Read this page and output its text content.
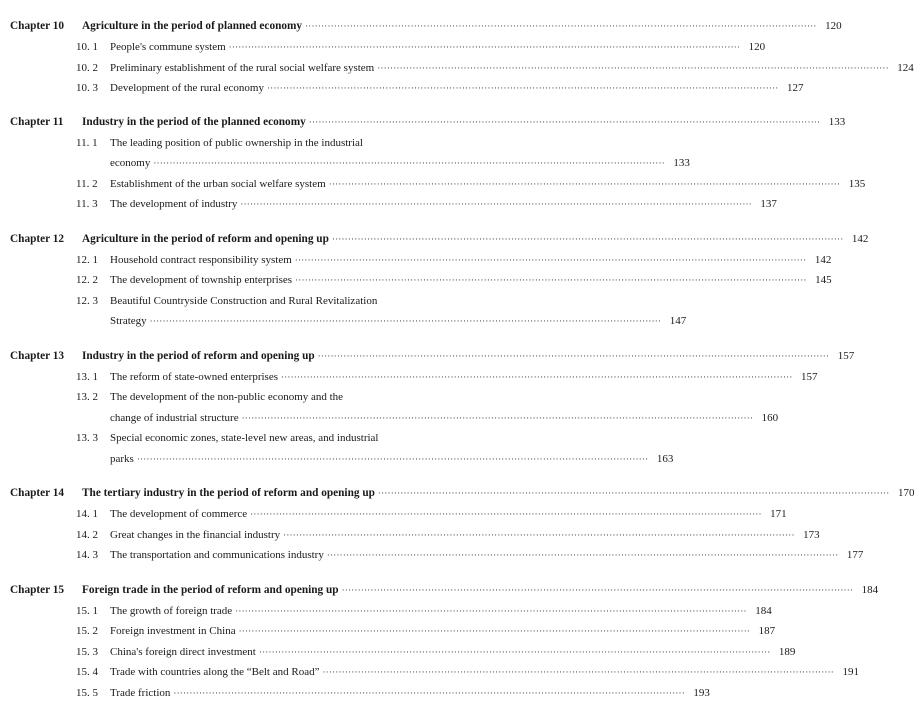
Chapter 10	Agriculture in the period of planned economy ································································································································································ 120
10. 1	People's commune system ································································································································································ 120
10. 2	Preliminary establishment of the rural social welfare system ································································································································································ 124
10. 3	Development of the rural economy ································································································································································ 127
Chapter 11	Industry in the period of the planned economy ································································································································································ 133
11. 1	The leading position of public ownership in the industrial
economy ································································································································································ 133
11. 2	Establishment of the urban social welfare system ································································································································································ 135
11. 3	The development of industry ································································································································································ 137
Chapter 12	Agriculture in the period of reform and opening up ································································································································································ 142
12. 1	Household contract responsibility system ································································································································································ 142
12. 2	The development of township enterprises ································································································································································ 145
12. 3	Beautiful Countryside Construction and Rural Revitalization
Strategy ································································································································································ 147
Chapter 13	Industry in the period of reform and opening up ································································································································································ 157
13. 1	The reform of state-owned enterprises ································································································································································ 157
13. 2	The development of the non-public economy and the
change of industrial structure ································································································································································ 160
13. 3	Special economic zones, state-level new areas, and industrial
parks ································································································································································ 163
Chapter 14	The tertiary industry in the period of reform and opening up ································································································································································ 170
14. 1	The development of commerce ································································································································································ 171
14. 2	Great changes in the financial industry ································································································································································ 173
14. 3	The transportation and communications industry ································································································································································ 177
Chapter 15	Foreign trade in the period of reform and opening up ································································································································································ 184
15. 1	The growth of foreign trade ································································································································································ 184
15. 2	Foreign investment in China ································································································································································ 187
15. 3	China's foreign direct investment ································································································································································ 189
15. 4	Trade with countries along the “Belt and Road” ································································································································································ 191
15. 5	Trade friction ································································································································································ 193
